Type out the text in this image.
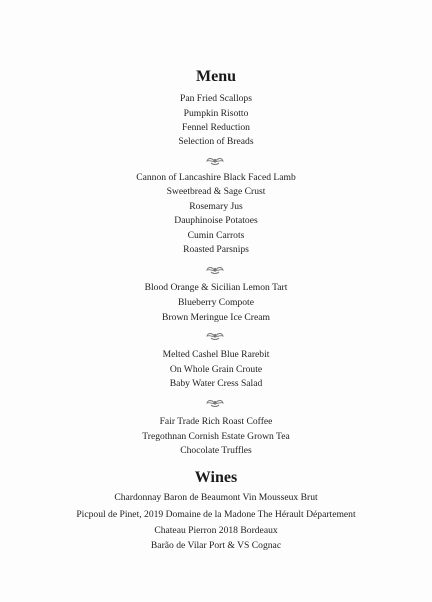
Menu
Pan Fried Scallops
Pumpkin Risotto
Fennel Reduction
Selection of Breads
Cannon of Lancashire Black Faced Lamb
Sweetbread & Sage Crust
Rosemary Jus
Dauphinoise Potatoes
Cumin Carrots
Roasted Parsnips
Blood Orange & Sicilian Lemon Tart
Blueberry Compote
Brown Meringue Ice Cream
Melted Cashel Blue Rarebit
On Whole Grain Croute
Baby Water Cress Salad
Fair Trade Rich Roast Coffee
Tregothnan Cornish Estate Grown Tea
Chocolate Truffles
Wines
Chardonnay Baron de Beaumont Vin Mousseux Brut
Picpoul de Pinet, 2019 Domaine de la Madone The Hérault Département
Chateau Pierron 2018 Bordeaux
Barão de Vilar Port & VS Cognac
